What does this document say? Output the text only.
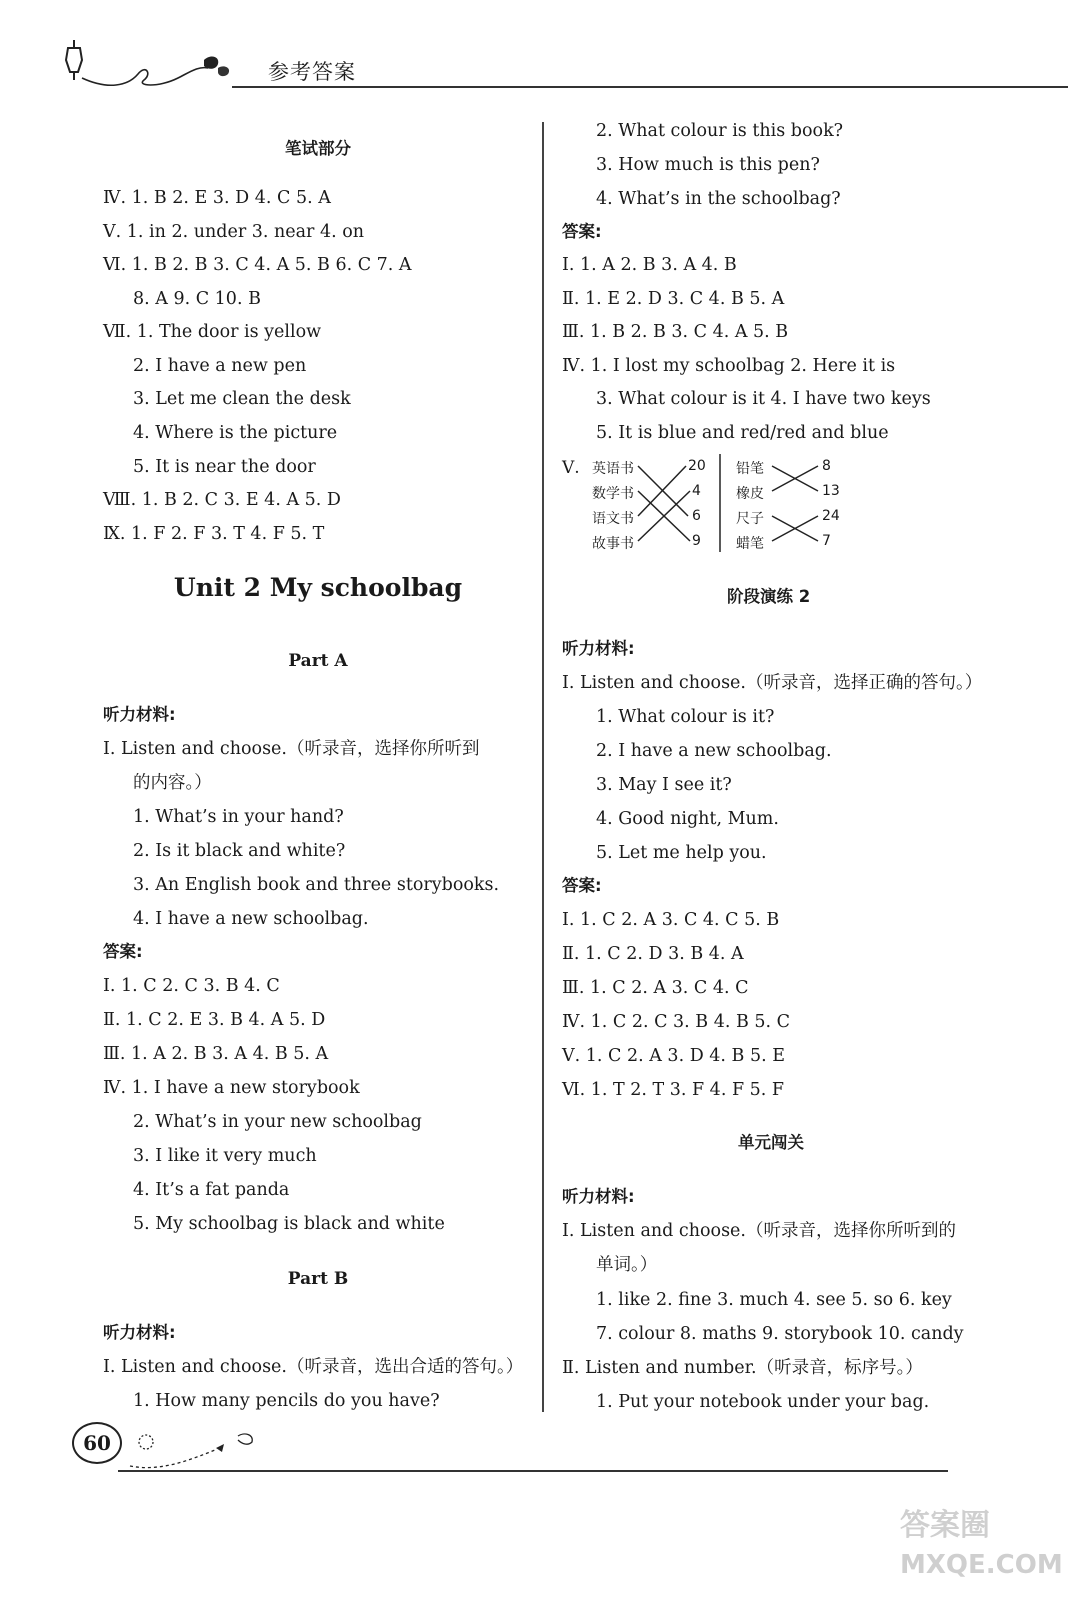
参考答案
笔试部分
Ⅳ. 1. B 2. E 3. D 4. C 5. A
Ⅴ. 1. in 2. under 3. near 4. on
Ⅵ. 1. B 2. B 3. C 4. A 5. B 6. C 7. A
8. A 9. C 10. B
Ⅶ. 1. The door is yellow
2. I have a new pen
3. Let me clean the desk
4. Where is the picture
5. It is near the door
Ⅷ. 1. B 2. C 3. E 4. A 5. D
Ⅸ. 1. F 2. F 3. T 4. F 5. T
Unit 2 My schoolbag
Part A
听力材料:
Ⅰ. Listen and choose.（听录音，选择你所听到
的内容。）
1. What’s in your hand?
2. Is it black and white?
3. An English book and three storybooks.
4. I have a new schoolbag.
答案:
Ⅰ. 1. C 2. C 3. B 4. C
Ⅱ. 1. C 2. E 3. B 4. A 5. D
Ⅲ. 1. A 2. B 3. A 4. B 5. A
Ⅳ. 1. I have a new storybook
2. What’s in your new schoolbag
3. I like it very much
4. It’s a fat panda
5. My schoolbag is black and white
Part B
听力材料:
Ⅰ. Listen and choose.（听录音，选出合适的答句。）
1. How many pencils do you have?
2. What colour is this book?
3. How much is this pen?
4. What’s in the schoolbag?
答案:
Ⅰ. 1. A 2. B 3. A 4. B
Ⅱ. 1. E 2. D 3. C 4. B 5. A
Ⅲ. 1. B 2. B 3. C 4. A 5. B
Ⅳ. 1. I lost my schoolbag 2. Here it is
3. What colour is it 4. I have two keys
5. It is blue and red/red and blue
Ⅴ. 英语书
数学书
语文书
故事书
20
4
6
9
铅笔
橡皮
尺子
蜡笔
8
13
24
7
阶段演练 2
听力材料:
Ⅰ. Listen and choose.（听录音，选择正确的答句。）
1. What colour is it?
2. I have a new schoolbag.
3. May I see it?
4. Good night, Mum.
5. Let me help you.
答案:
Ⅰ. 1. C 2. A 3. C 4. C 5. B
Ⅱ. 1. C 2. D 3. B 4. A
Ⅲ. 1. C 2. A 3. C 4. C
Ⅳ. 1. C 2. C 3. B 4. B 5. C
Ⅴ. 1. C 2. A 3. D 4. B 5. E
Ⅵ. 1. T 2. T 3. F 4. F 5. F
单元闯关
听力材料:
Ⅰ. Listen and choose.（听录音，选择你所听到的
单词。）
1. like 2. fine 3. much 4. see 5. so 6. key
7. colour 8. maths 9. storybook 10. candy
Ⅱ. Listen and number.（听录音，标序号。）
1. Put your notebook under your bag.
60
答案圈
MXQE.COM
